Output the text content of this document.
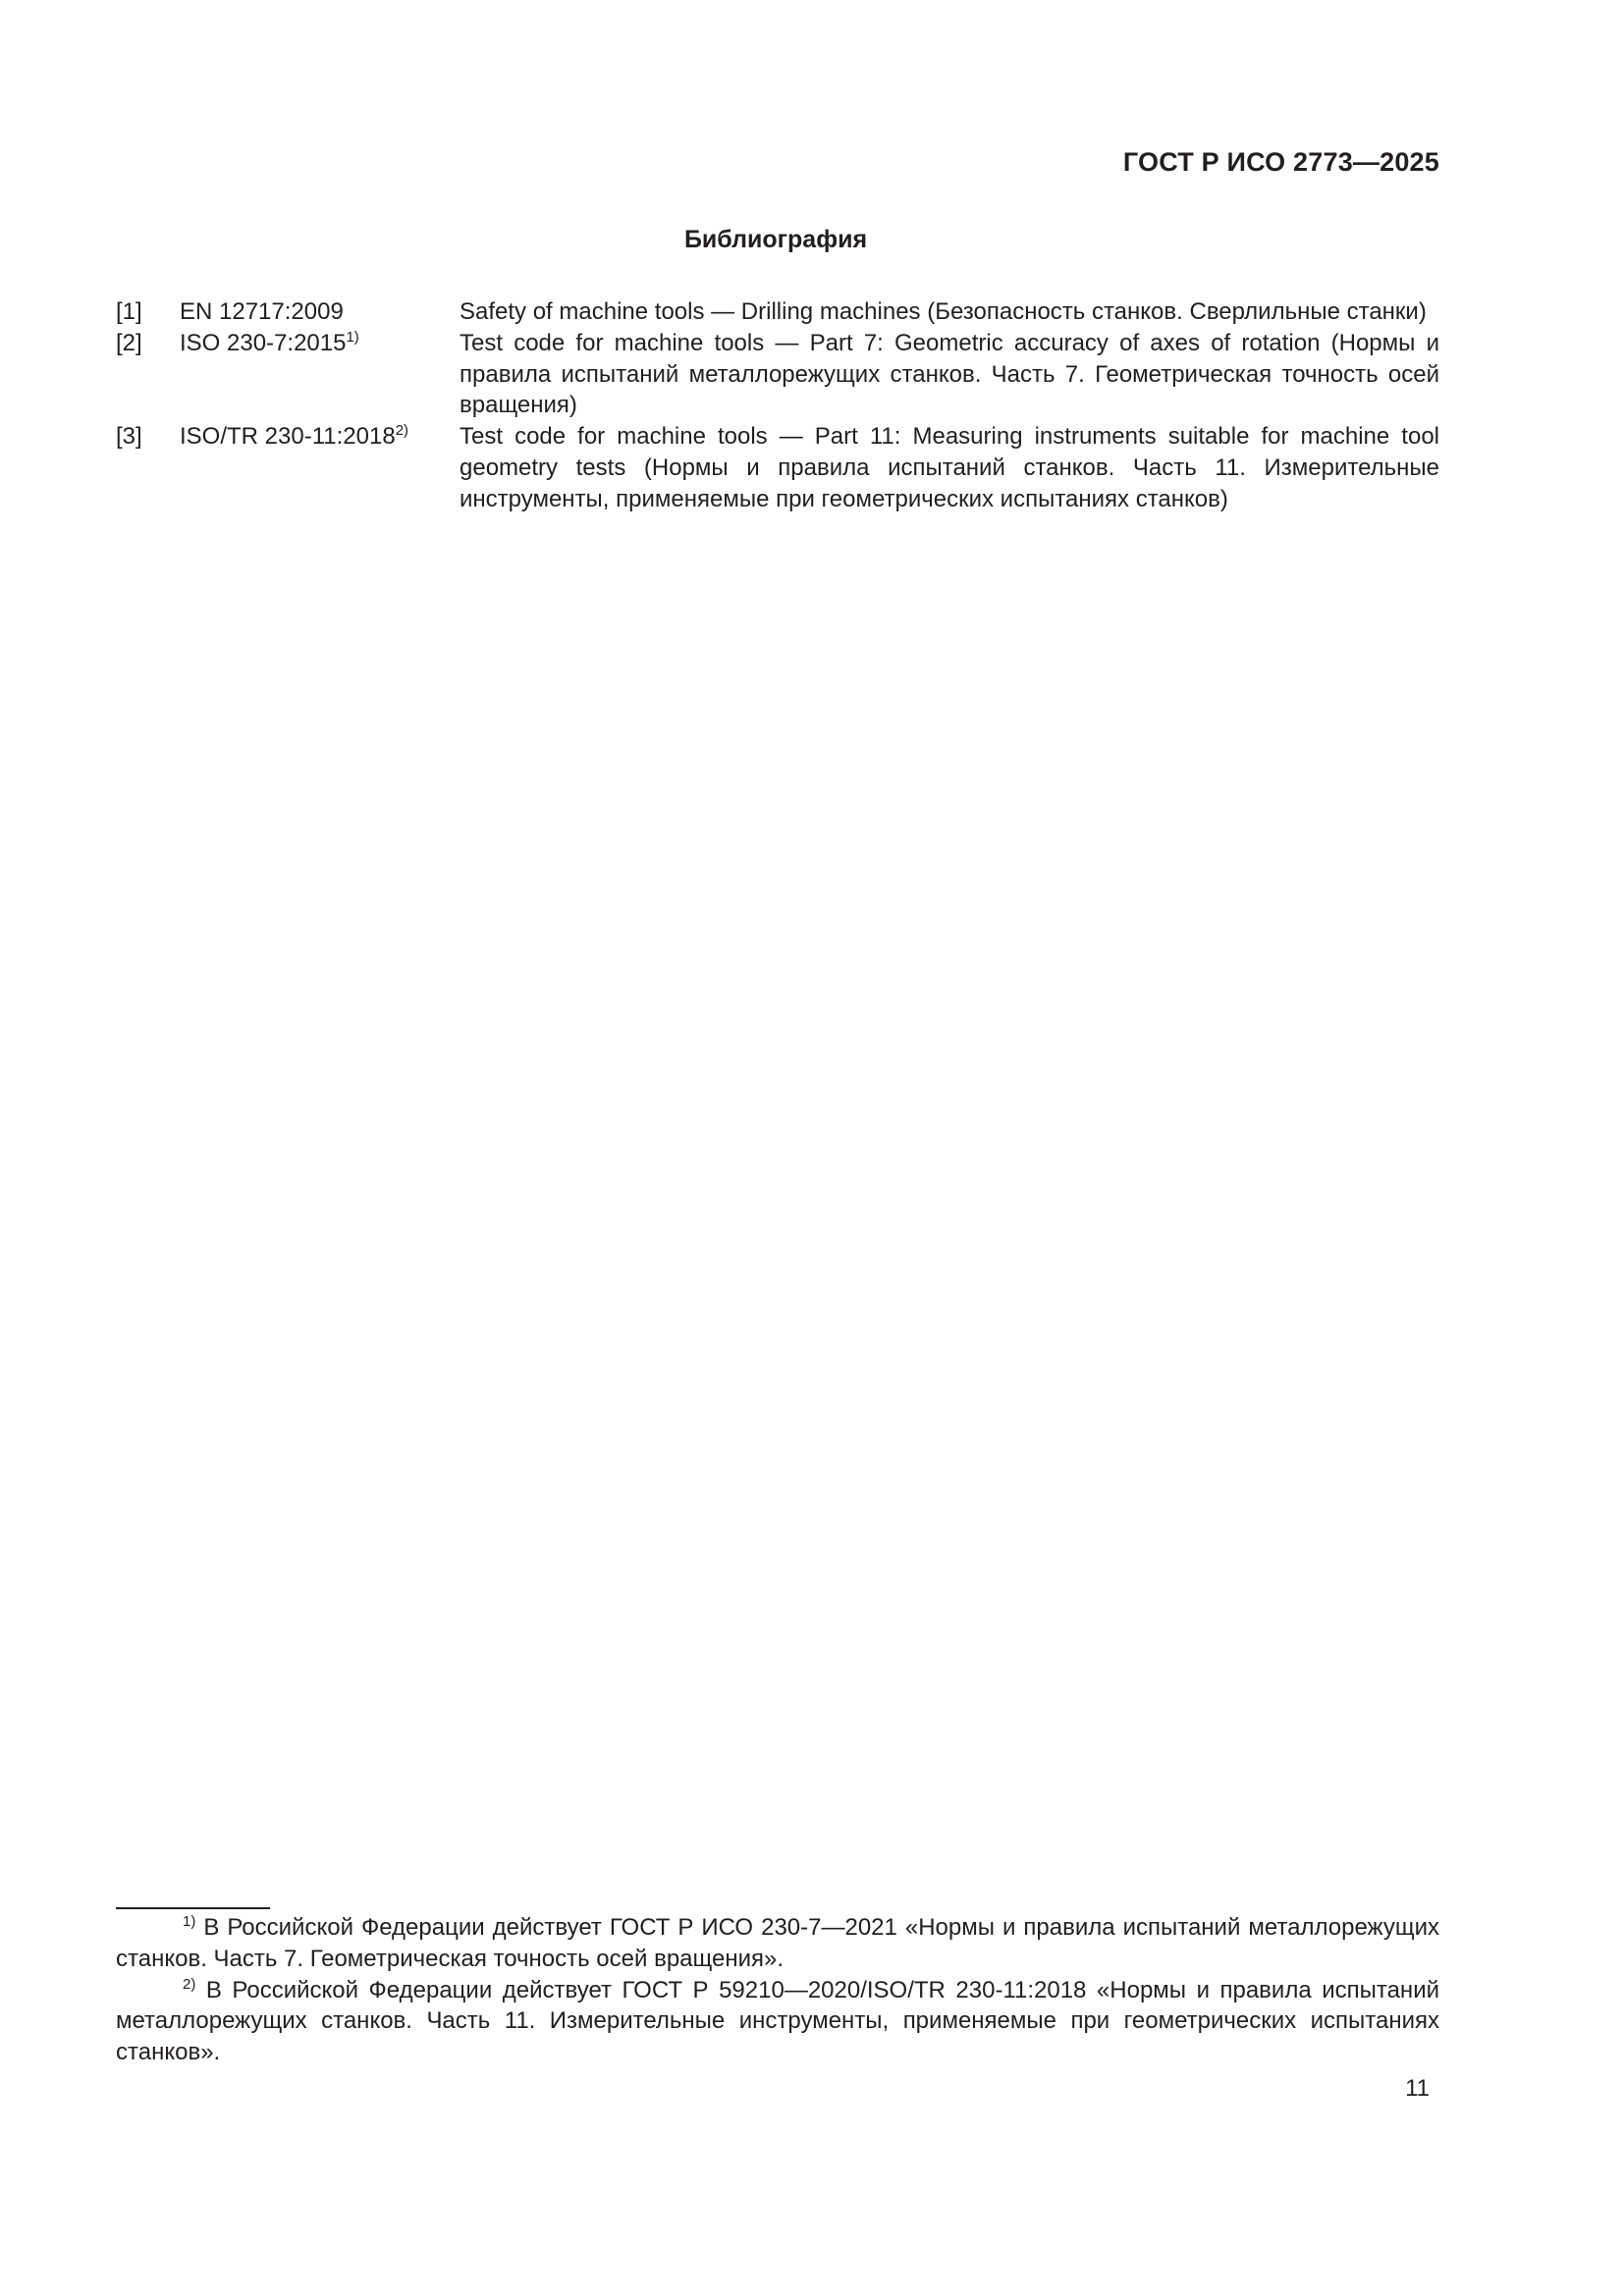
ГОСТ Р ИСО 2773—2025
Библиография
[1]	EN 12717:2009	Safety of machine tools — Drilling machines (Безопасность станков. Сверлильные станки)
[2]	ISO 230-7:2015$^{1)}$	Test code for machine tools — Part 7: Geometric accuracy of axes of rotation (Нормы и правила испытаний металлорежущих станков. Часть 7. Геометрическая точность осей вращения)
[3]	ISO/TR 230-11:2018$^{2)}$	Test code for machine tools — Part 11: Measuring instruments suitable for machine tool geometry tests (Нормы и правила испытаний станков. Часть 11. Измерительные инструменты, применяемые при геометрических испытаниях станков)
$^{1)}$ В Российской Федерации действует ГОСТ Р ИСО 230-7—2021 «Нормы и правила испытаний металлорежущих станков. Часть 7. Геометрическая точность осей вращения».
$^{2)}$ В Российской Федерации действует ГОСТ Р 59210—2020/ISO/TR 230-11:2018 «Нормы и правила испытаний металлорежущих станков. Часть 11. Измерительные инструменты, применяемые при геометрических испытаниях станков».
11
